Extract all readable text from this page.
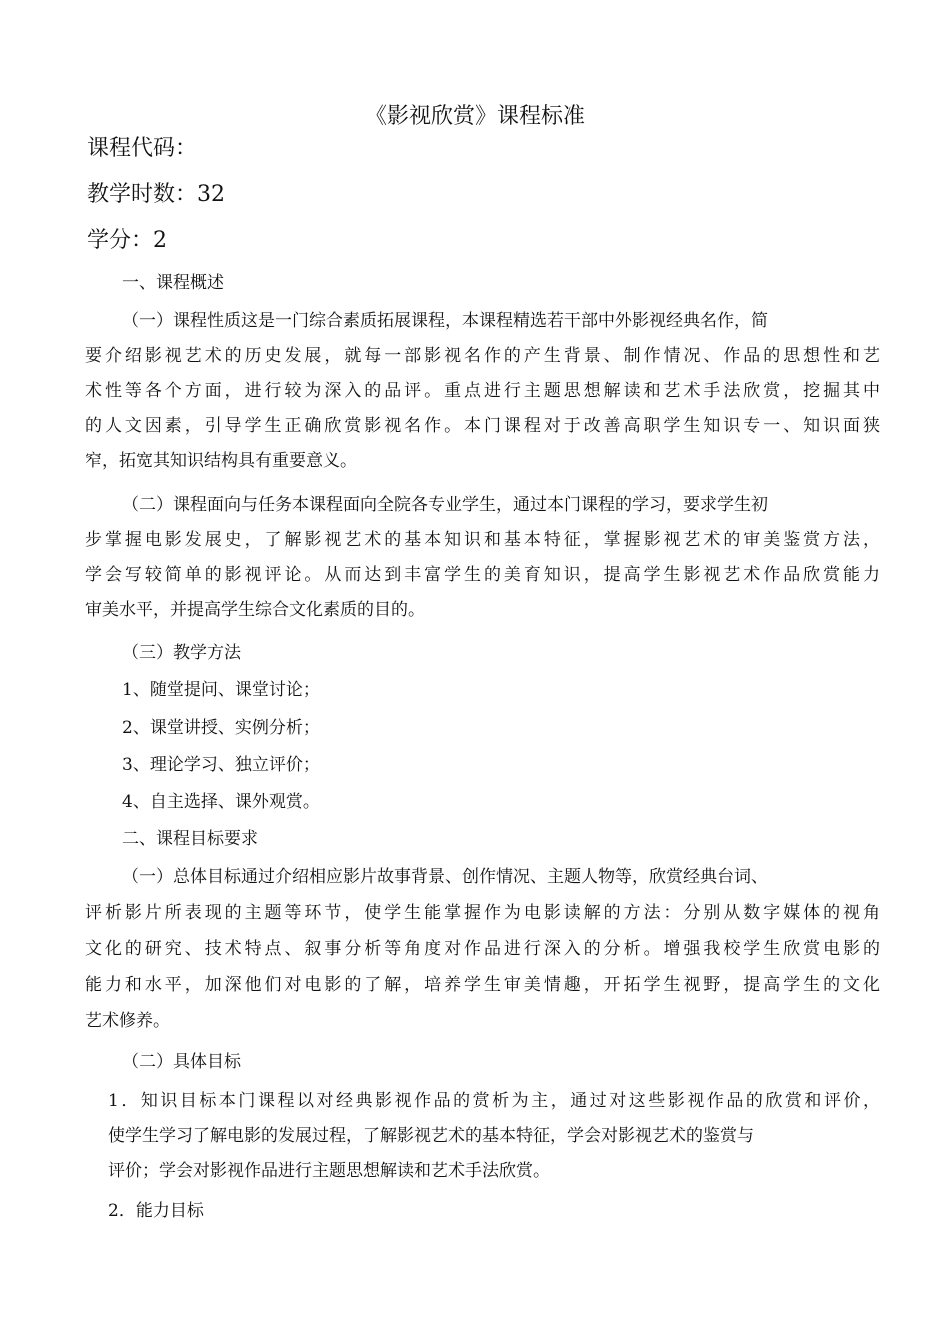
《影视欣赏》课程标准
课程代码：
教学时数：32
学分：2
一、课程概述
（一）课程性质这是一门综合素质拓展课程，本课程精选若干部中外影视经典名作，简
要介绍影视艺术的历史发展，就每一部影视名作的产生背景、制作情况、作品的思想性和艺
术性等各个方面，进行较为深入的品评。重点进行主题思想解读和艺术手法欣赏，挖掘其中
的人文因素，引导学生正确欣赏影视名作。本门课程对于改善高职学生知识专一、知识面狭
窄，拓宽其知识结构具有重要意义。
（二）课程面向与任务本课程面向全院各专业学生，通过本门课程的学习，要求学生初
步掌握电影发展史，了解影视艺术的基本知识和基本特征，掌握影视艺术的审美鉴赏方法，
学会写较简单的影视评论。从而达到丰富学生的美育知识，提高学生影视艺术作品欣赏能力
审美水平，并提高学生综合文化素质的目的。
（三）教学方法
1、随堂提问、课堂讨论；
2、课堂讲授、实例分析；
3、理论学习、独立评价；
4、自主选择、课外观赏。
二、课程目标要求
（一）总体目标通过介绍相应影片故事背景、创作情况、主题人物等，欣赏经典台词、
评析影片所表现的主题等环节，使学生能掌握作为电影读解的方法：分别从数字媒体的视角
文化的研究、技术特点、叙事分析等角度对作品进行深入的分析。增强我校学生欣赏电影的
能力和水平，加深他们对电影的了解，培养学生审美情趣，开拓学生视野，提高学生的文化
艺术修养。
（二）具体目标
1．知识目标本门课程以对经典影视作品的赏析为主，通过对这些影视作品的欣赏和评价，
使学生学习了解电影的发展过程，了解影视艺术的基本特征，学会对影视艺术的鉴赏与
评价；学会对影视作品进行主题思想解读和艺术手法欣赏。
2．能力目标
